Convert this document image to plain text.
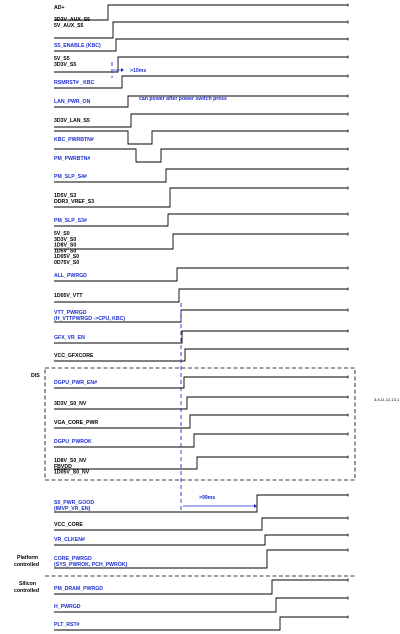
AD+
3D3V_AUX_S5
5V_AUX_S5
S5_ENABLE (KBC)
5V_S5
3D3V_S5
RSMRST# _KBC
LAN_PWR_ON
3D3V_LAN_S5
KBC_PWRBTN#
PM_PWRBTN#
PM_SLP_S4#
1D5V_S3
DDR3_VREF_S3
PM_SLP_S3#
5V_S0
3D3V_S0
1D8V_S0
1D5V_S0
1D05V_S0
0D75V_S0
ALL_PWRGD
1D05V_VTT
VTT_PWRGD
(H_VTTPWRGD ->CPU, KBC)
GFX_VR_EN
VCC_GFXCORE
DGPU_PWR_EN#
3D3V_S0_NV
VGA_CORE_PWR
DGPU_PWROK
1D8V_S0_NV
FBVDD
1D05V_S0_NV
S0_PWR_GOOD
(IMVP_VR_EN)
VCC_CORE
VR_CLKEN#
CORE_PWRGD
(SYS_PWROK, PCH_PWROK)
PM_DRAM_PWRGD
H_PWRGD
PLT_RST#
DIS
3,8,11,12,13,1
Platform
controlled
Silicon
controlled
>10ms
can power after power switch press
>99ms
